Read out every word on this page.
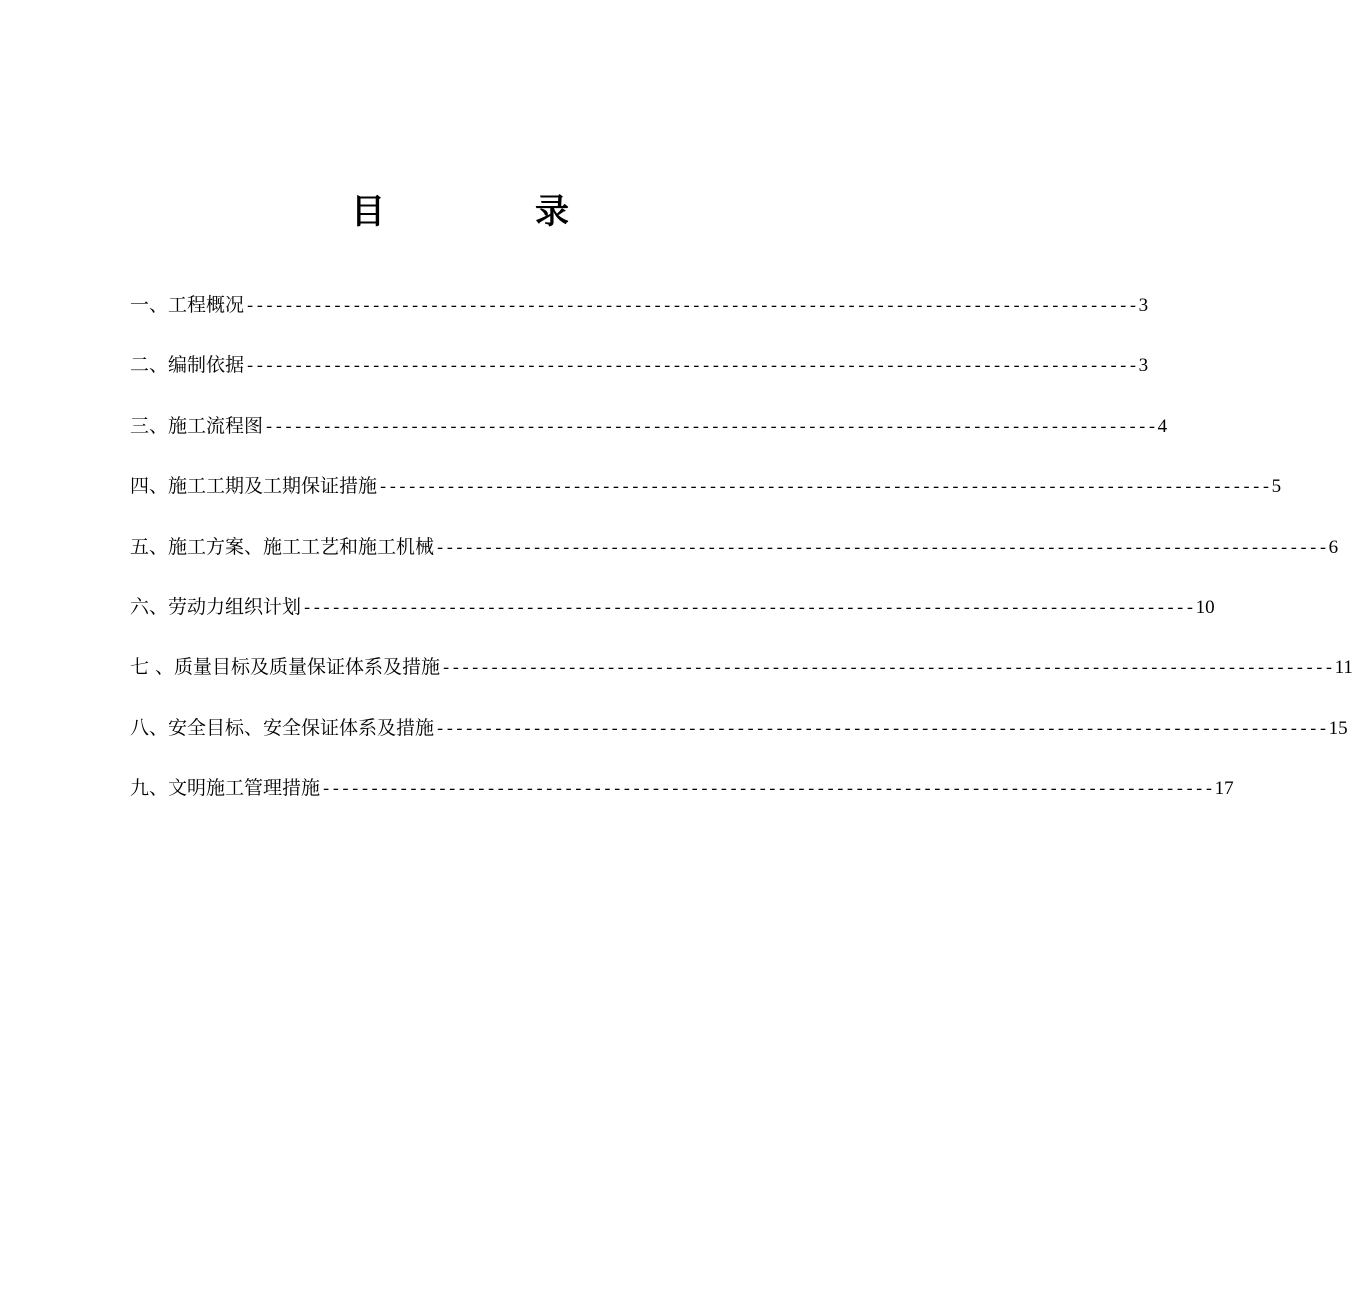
目　录
一、工程概况 -------------------------------------------------------------------------------------------- 3
二、编制依据 -------------------------------------------------------------------------------------------- 3
三、施工流程图 -------------------------------------------------------------------------------------------- 4
四、施工工期及工期保证措施 -------------------------------------------------------------------------------------------- 5
五、施工方案、施工工艺和施工机械 -------------------------------------------------------------------------------------------- 6
六、劳动力组织计划 -------------------------------------------------------------------------------------------- 10
七 、质量目标及质量保证体系及措施 -------------------------------------------------------------------------------------------- 11
八、安全目标、安全保证体系及措施 -------------------------------------------------------------------------------------------- 15
九、文明施工管理措施 -------------------------------------------------------------------------------------------- 17
